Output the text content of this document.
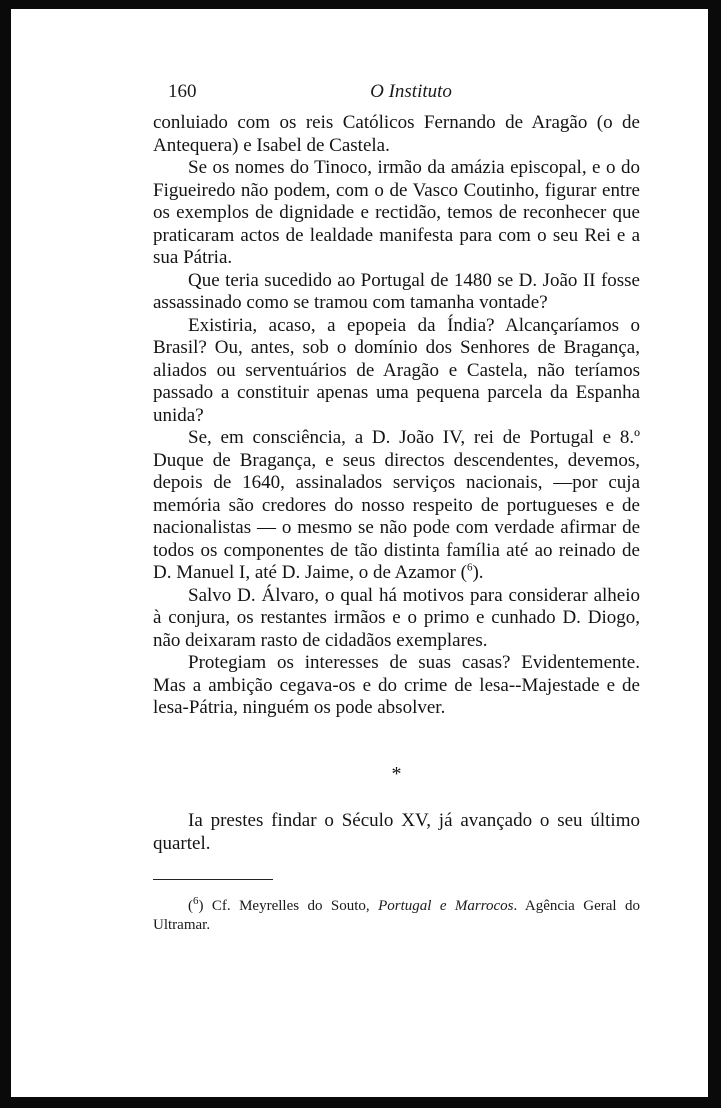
160	O Instituto

conluiado com os reis Católicos Fernando de Aragão (o de Antequera) e Isabel de Castela.

Se os nomes do Tinoco, irmão da amázia episcopal, e o do Figueiredo não podem, com o de Vasco Coutinho, figurar entre os exemplos de dignidade e rectidão, temos de reconhecer que praticaram actos de lealdade manifesta para com o seu Rei e a sua Pátria.

Que teria sucedido ao Portugal de 1480 se D. João II fosse assassinado como se tramou com tamanha vontade?

Existiria, acaso, a epopeia da Índia? Alcançaríamos o Brasil? Ou, antes, sob o domínio dos Senhores de Bragança, aliados ou serventuários de Aragão e Castela, não teríamos passado a constituir apenas uma pequena parcela da Espanha unida?

Se, em consciência, a D. João IV, rei de Portugal e 8.º Duque de Bragança, e seus directos descendentes, devemos, depois de 1640, assinalados serviços nacionais, —por cuja memória são credores do nosso respeito de portugueses e de nacionalistas — o mesmo se não pode com verdade afirmar de todos os componentes de tão distinta família até ao reinado de D. Manuel I, até D. Jaime, o de Azamor ($^6$).

Salvo D. Álvaro, o qual há motivos para considerar alheio à conjura, os restantes irmãos e o primo e cunhado D. Diogo, não deixaram rasto de cidadãos exemplares.

Protegiam os interesses de suas casas? Evidentemente. Mas a ambição cegava-os e do crime de lesa--Majestade e de lesa-Pátria, ninguém os pode absolver.

*

Ia prestes findar o Século XV, já avançado o seu último quartel.

($^6$) Cf. Meyrelles do Souto, Portugal e Marrocos. Agência Geral do Ultramar.
